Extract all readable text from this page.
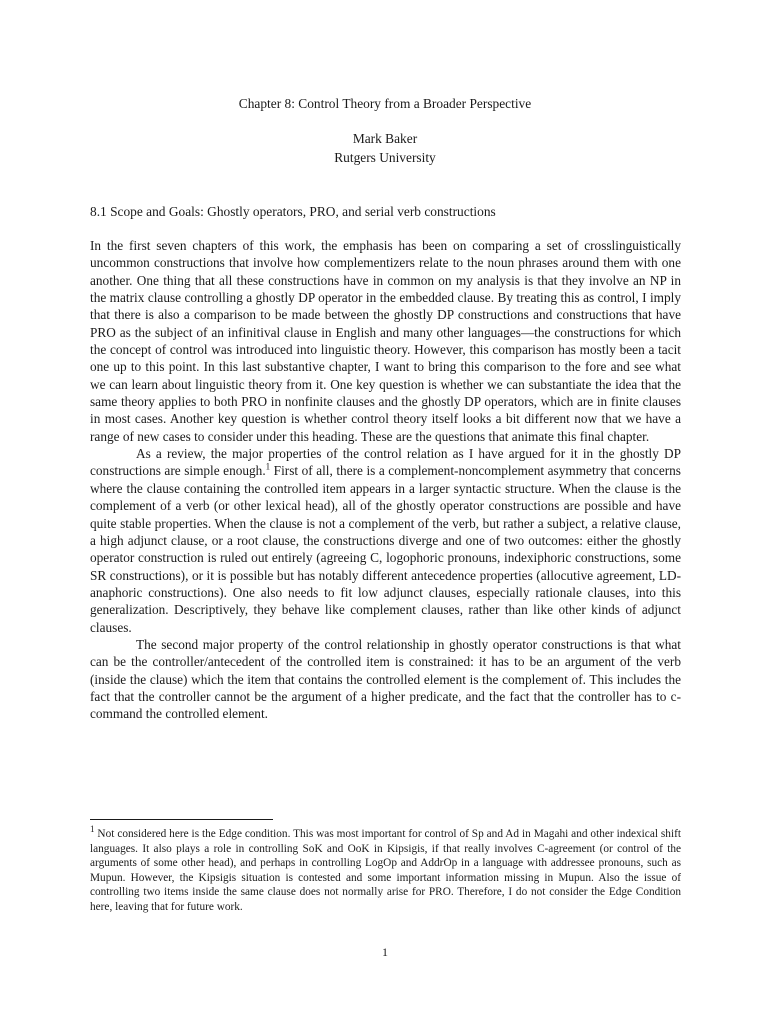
Chapter 8: Control Theory from a Broader Perspective
Mark Baker
Rutgers University
8.1 Scope and Goals: Ghostly operators, PRO, and serial verb constructions

In the first seven chapters of this work, the emphasis has been on comparing a set of crosslinguistically uncommon constructions that involve how complementizers relate to the noun phrases around them with one another. One thing that all these constructions have in common on my analysis is that they involve an NP in the matrix clause controlling a ghostly DP operator in the embedded clause. By treating this as control, I imply that there is also a comparison to be made between the ghostly DP constructions and constructions that have PRO as the subject of an infinitival clause in English and many other languages—the constructions for which the concept of control was introduced into linguistic theory. However, this comparison has mostly been a tacit one up to this point. In this last substantive chapter, I want to bring this comparison to the fore and see what we can learn about linguistic theory from it. One key question is whether we can substantiate the idea that the same theory applies to both PRO in nonfinite clauses and the ghostly DP operators, which are in finite clauses in most cases. Another key question is whether control theory itself looks a bit different now that we have a range of new cases to consider under this heading. These are the questions that animate this final chapter.

As a review, the major properties of the control relation as I have argued for it in the ghostly DP constructions are simple enough.$^1$ First of all, there is a complement-noncomplement asymmetry that concerns where the clause containing the controlled item appears in a larger syntactic structure. When the clause is the complement of a verb (or other lexical head), all of the ghostly operator constructions are possible and have quite stable properties. When the clause is not a complement of the verb, but rather a subject, a relative clause, a high adjunct clause, or a root clause, the constructions diverge and one of two outcomes: either the ghostly operator construction is ruled out entirely (agreeing C, logophoric pronouns, indexiphoric constructions, some SR constructions), or it is possible but has notably different antecedence properties (allocutive agreement, LD-anaphoric constructions). One also needs to fit low adjunct clauses, especially rationale clauses, into this generalization. Descriptively, they behave like complement clauses, rather than like other kinds of adjunct clauses.

The second major property of the control relationship in ghostly operator constructions is that what can be the controller/antecedent of the controlled item is constrained: it has to be an argument of the verb (inside the clause) which the item that contains the controlled element is the complement of. This includes the fact that the controller cannot be the argument of a higher predicate, and the fact that the controller has to c-command the controlled element.

$^1$ Not considered here is the Edge condition. This was most important for control of Sp and Ad in Magahi and other indexical shift languages. It also plays a role in controlling SoK and OoK in Kipsigis, if that really involves C-agreement (or control of the arguments of some other head), and perhaps in controlling LogOp and AddrOp in a language with addressee pronouns, such as Mupun. However, the Kipsigis situation is contested and some important information missing in Mupun. Also the issue of controlling two items inside the same clause does not normally arise for PRO. Therefore, I do not consider the Edge Condition here, leaving that for future work.

1
